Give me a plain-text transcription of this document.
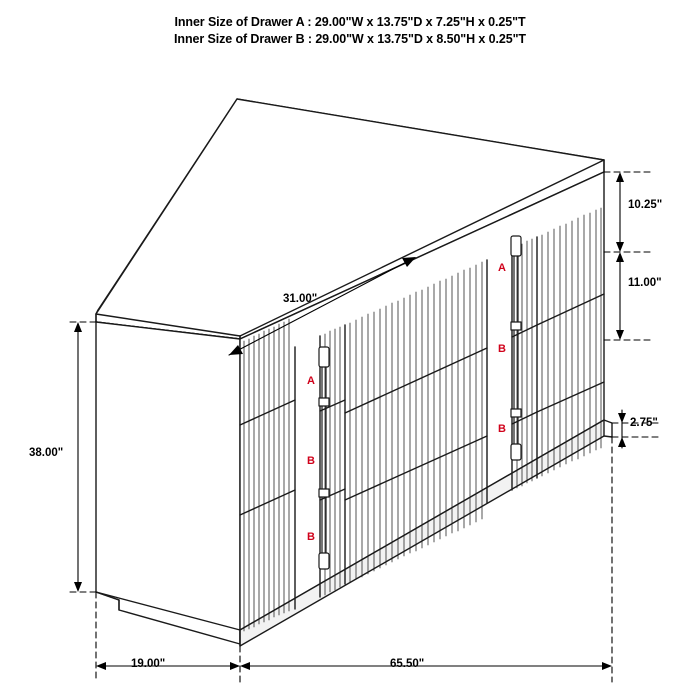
Inner Size of Drawer A : 29.00"W x 13.75"D x 7.25"H x 0.25"T
Inner Size of Drawer B : 29.00"W x 13.75"D x 8.50"H x 0.25"T
38.00"
19.00"	65.50"
31.00"
10.25"
11.00"
2.75"
A
B
B
A
B
B
